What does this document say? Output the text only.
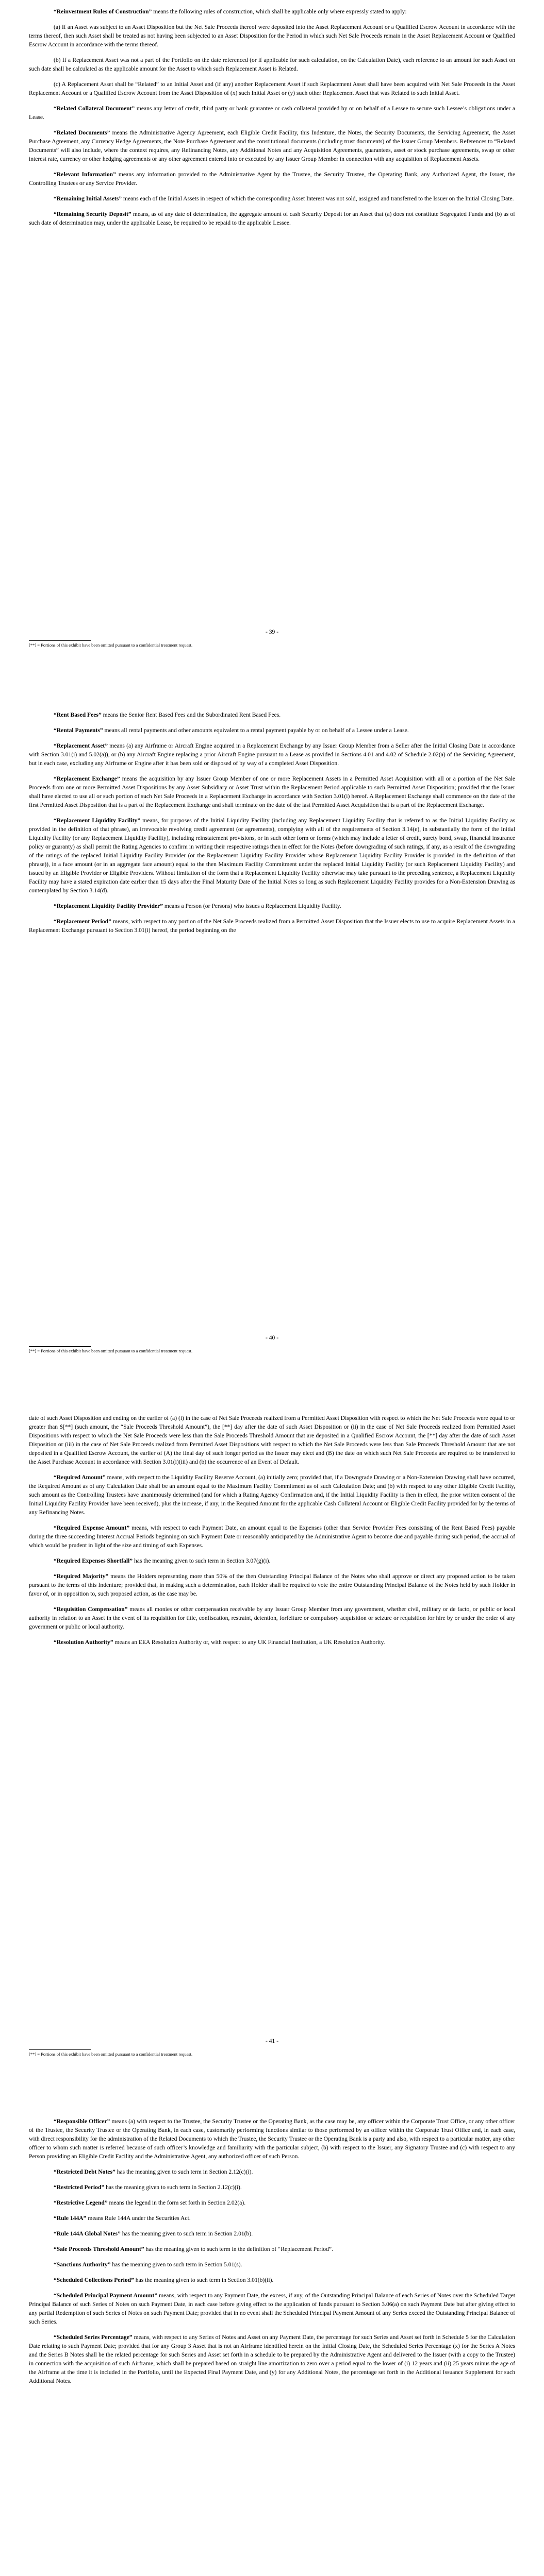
“Reinvestment Rules of Construction” means the following rules of construction, which shall be applicable only where expressly stated to apply:

(a) If an Asset was subject to an Asset Disposition but the Net Sale Proceeds thereof were deposited into the Asset Replacement Account or a Qualified Escrow Account in accordance with the terms thereof, then such Asset shall be treated as not having been subjected to an Asset Disposition for the Period in which such Net Sale Proceeds remain in the Asset Replacement Account or Qualified Escrow Account in accordance with the terms thereof.

(b) If a Replacement Asset was not a part of the Portfolio on the date referenced (or if applicable for such calculation, on the Calculation Date), each reference to an amount for such Asset on such date shall be calculated as the applicable amount for the Asset to which such Replacement Asset is Related.

(c) A Replacement Asset shall be “Related” to an Initial Asset and (if any) another Replacement Asset if such Replacement Asset shall have been acquired with Net Sale Proceeds in the Asset Replacement Account or a Qualified Escrow Account from the Asset Disposition of (x) such Initial Asset or (y) such other Replacement Asset that was Related to such Initial Asset.

“Related Collateral Document” means any letter of credit, third party or bank guarantee or cash collateral provided by or on behalf of a Lessee to secure such Lessee’s obligations under a Lease.

“Related Documents” means the Administrative Agency Agreement, each Eligible Credit Facility, this Indenture, the Notes, the Security Documents, the Servicing Agreement, the Asset Purchase Agreement, any Currency Hedge Agreements, the Note Purchase Agreement and the constitutional documents (including trust documents) of the Issuer Group Members. References to “Related Documents” will also include, where the context requires, any Refinancing Notes, any Additional Notes and any Acquisition Agreements, guarantees, asset or stock purchase agreements, swap or other interest rate, currency or other hedging agreements or any other agreement entered into or executed by any Issuer Group Member in connection with any acquisition of Replacement Assets.

“Relevant Information” means any information provided to the Administrative Agent by the Trustee, the Security Trustee, the Operating Bank, any Authorized Agent, the Issuer, the Controlling Trustees or any Service Provider.

“Remaining Initial Assets” means each of the Initial Assets in respect of which the corresponding Asset Interest was not sold, assigned and transferred to the Issuer on the Initial Closing Date.

“Remaining Security Deposit” means, as of any date of determination, the aggregate amount of cash Security Deposit for an Asset that (a) does not constitute Segregated Funds and (b) as of such date of determination may, under the applicable Lease, be required to be repaid to the applicable Lessee.

- 39 -
[**] = Portions of this exhibit have been omitted pursuant to a confidential treatment request.

“Rent Based Fees” means the Senior Rent Based Fees and the Subordinated Rent Based Fees.

“Rental Payments” means all rental payments and other amounts equivalent to a rental payment payable by or on behalf of a Lessee under a Lease.

“Replacement Asset” means (a) any Airframe or Aircraft Engine acquired in a Replacement Exchange by any Issuer Group Member from a Seller after the Initial Closing Date in accordance with Section 3.01(i) and 5.02(a)), or (b) any Aircraft Engine replacing a prior Aircraft Engine pursuant to a Lease as provided in Sections 4.01 and 4.02 of Schedule 2.02(a) of the Servicing Agreement, but in each case, excluding any Airframe or Engine after it has been sold or disposed of by way of a completed Asset Disposition.

“Replacement Exchange” means the acquisition by any Issuer Group Member of one or more Replacement Assets in a Permitted Asset Acquisition with all or a portion of the Net Sale Proceeds from one or more Permitted Asset Dispositions by any Asset Subsidiary or Asset Trust within the Replacement Period applicable to such Permitted Asset Disposition; provided that the Issuer shall have elected to use all or such portion of such Net Sale Proceeds in a Replacement Exchange in accordance with Section 3.01(i) hereof. A Replacement Exchange shall commence on the date of the first Permitted Asset Disposition that is a part of the Replacement Exchange and shall terminate on the date of the last Permitted Asset Acquisition that is a part of the Replacement Exchange.

“Replacement Liquidity Facility” means, for purposes of the Initial Liquidity Facility (including any Replacement Liquidity Facility that is referred to as the Initial Liquidity Facility as provided in the definition of that phrase), an irrevocable revolving credit agreement (or agreements), complying with all of the requirements of Section 3.14(e), in substantially the form of the Initial Liquidity Facility (or any Replacement Liquidity Facility), including reinstatement provisions, or in such other form or forms (which may include a letter of credit, surety bond, swap, financial insurance policy or guaranty) as shall permit the Rating Agencies to confirm in writing their respective ratings then in effect for the Notes (before downgrading of such ratings, if any, as a result of the downgrading of the ratings of the replaced Initial Liquidity Facility Provider (or the Replacement Liquidity Facility Provider whose Replacement Liquidity Facility Provider is provided in the definition of that phrase)), in a face amount (or in an aggregate face amount) equal to the then Maximum Facility Commitment under the replaced Initial Liquidity Facility (or such Replacement Liquidity Facility) and issued by an Eligible Provider or Eligible Providers. Without limitation of the form that a Replacement Liquidity Facility otherwise may take pursuant to the preceding sentence, a Replacement Liquidity Facility may have a stated expiration date earlier than 15 days after the Final Maturity Date of the Initial Notes so long as such Replacement Liquidity Facility provides for a Non-Extension Drawing as contemplated by Section 3.14(d).

“Replacement Liquidity Facility Provider” means a Person (or Persons) who issues a Replacement Liquidity Facility.

“Replacement Period” means, with respect to any portion of the Net Sale Proceeds realized from a Permitted Asset Disposition that the Issuer elects to use to acquire Replacement Assets in a Replacement Exchange pursuant to Section 3.01(i) hereof, the period beginning on the

- 40 -
[**] = Portions of this exhibit have been omitted pursuant to a confidential treatment request.

date of such Asset Disposition and ending on the earlier of (a) (i) in the case of Net Sale Proceeds realized from a Permitted Asset Disposition with respect to which the Net Sale Proceeds were equal to or greater than $[**] (such amount, the “Sale Proceeds Threshold Amount”), the [**] day after the date of such Asset Disposition or (ii) in the case of Net Sale Proceeds realized from Permitted Asset Dispositions with respect to which the Net Sale Proceeds were less than the Sale Proceeds Threshold Amount that are deposited in a Qualified Escrow Account, the [**] day after the date of such Asset Disposition or (iii) in the case of Net Sale Proceeds realized from Permitted Asset Dispositions with respect to which the Net Sale Proceeds were less than Sale Proceeds Threshold Amount that are not deposited in a Qualified Escrow Account, the earlier of (A) the final day of such longer period as the Issuer may elect and (B) the date on which such Net Sale Proceeds are required to be transferred to the Asset Purchase Account in accordance with Section 3.01(i)(iii) and (b) the occurrence of an Event of Default.

“Required Amount” means, with respect to the Liquidity Facility Reserve Account, (a) initially zero; provided that, if a Downgrade Drawing or a Non-Extension Drawing shall have occurred, the Required Amount as of any Calculation Date shall be an amount equal to the Maximum Facility Commitment as of such Calculation Date; and (b) with respect to any other Eligible Credit Facility, such amount as the Controlling Trustees have unanimously determined (and for which a Rating Agency Confirmation and, if the Initial Liquidity Facility is then in effect, the prior written consent of the Initial Liquidity Facility Provider have been received), plus the increase, if any, in the Required Amount for the applicable Cash Collateral Account or Eligible Credit Facility provided for by the terms of any Refinancing Notes.

“Required Expense Amount” means, with respect to each Payment Date, an amount equal to the Expenses (other than Service Provider Fees consisting of the Rent Based Fees) payable during the three succeeding Interest Accrual Periods beginning on such Payment Date or reasonably anticipated by the Administrative Agent to become due and payable during such period, the accrual of which would be prudent in light of the size and timing of such Expenses.

“Required Expenses Shortfall” has the meaning given to such term in Section 3.07(g)(i).

“Required Majority” means the Holders representing more than 50% of the then Outstanding Principal Balance of the Notes who shall approve or direct any proposed action to be taken pursuant to the terms of this Indenture; provided that, in making such a determination, each Holder shall be required to vote the entire Outstanding Principal Balance of the Notes held by such Holder in favor of, or in opposition to, such proposed action, as the case may be.

“Requisition Compensation” means all monies or other compensation receivable by any Issuer Group Member from any government, whether civil, military or de facto, or public or local authority in relation to an Asset in the event of its requisition for title, confiscation, restraint, detention, forfeiture or compulsory acquisition or seizure or requisition for hire by or under the order of any government or public or local authority.

“Resolution Authority” means an EEA Resolution Authority or, with respect to any UK Financial Institution, a UK Resolution Authority.

- 41 -
[**] = Portions of this exhibit have been omitted pursuant to a confidential treatment request.

“Responsible Officer” means (a) with respect to the Trustee, the Security Trustee or the Operating Bank, as the case may be, any officer within the Corporate Trust Office, or any other officer of the Trustee, the Security Trustee or the Operating Bank, in each case, customarily performing functions similar to those performed by an officer within the Corporate Trust Office and, in each case, with direct responsibility for the administration of the Related Documents to which the Trustee, the Security Trustee or the Operating Bank is a party and also, with respect to a particular matter, any other officer to whom such matter is referred because of such officer’s knowledge and familiarity with the particular subject, (b) with respect to the Issuer, any Signatory Trustee and (c) with respect to any Person providing an Eligible Credit Facility and the Administrative Agent, any authorized officer of such Person.

“Restricted Debt Notes” has the meaning given to such term in Section 2.12(c)(i).

“Restricted Period” has the meaning given to such term in Section 2.12(c)(i).

“Restrictive Legend” means the legend in the form set forth in Section 2.02(a).

“Rule 144A” means Rule 144A under the Securities Act.

“Rule 144A Global Notes” has the meaning given to such term in Section 2.01(b).

“Sale Proceeds Threshold Amount” has the meaning given to such term in the definition of “Replacement Period”.

“Sanctions Authority” has the meaning given to such term in Section 5.01(s).

“Scheduled Collections Period” has the meaning given to such term in Section 3.01(b)(ii).

“Scheduled Principal Payment Amount” means, with respect to any Payment Date, the excess, if any, of the Outstanding Principal Balance of each Series of Notes over the Scheduled Target Principal Balance of such Series of Notes on such Payment Date, in each case before giving effect to the application of funds pursuant to Section 3.06(a) on such Payment Date but after giving effect to any partial Redemption of such Series of Notes on such Payment Date; provided that in no event shall the Scheduled Principal Payment Amount of any Series exceed the Outstanding Principal Balance of such Series.

“Scheduled Series Percentage” means, with respect to any Series of Notes and Asset on any Payment Date, the percentage for such Series and Asset set forth in Schedule 5 for the Calculation Date relating to such Payment Date; provided that for any Group 3 Asset that is not an Airframe identified herein on the Initial Closing Date, the Scheduled Series Percentage (x) for the Series A Notes and the Series B Notes shall be the related percentage for such Series and Asset set forth in a schedule to be prepared by the Administrative Agent and delivered to the Issuer (with a copy to the Trustee) in connection with the acquisition of such Airframe, which shall be prepared based on straight line amortization to zero over a period equal to the lower of (i) 12 years and (ii) 25 years minus the age of the Airframe at the time it is included in the Portfolio, until the Expected Final Payment Date, and (y) for any Additional Notes, the percentage set forth in the Additional Issuance Supplement for such Additional Notes.
